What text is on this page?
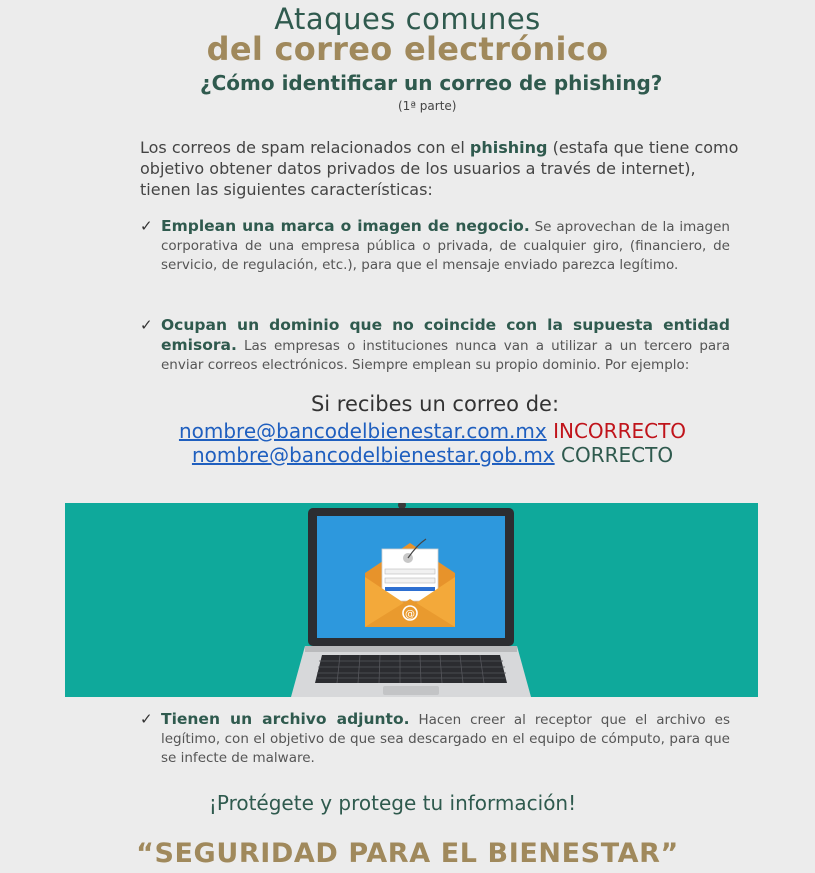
Ataques comunes
del correo electrónico
¿Cómo identificar un correo de phishing?
(1ª parte)
Los correos de spam relacionados con el phishing (estafa que tiene como objetivo obtener datos privados de los usuarios a través de internet), tienen las siguientes características:
✓ Emplean una marca o imagen de negocio. Se aprovechan de la imagen corporativa de una empresa pública o privada, de cualquier giro, (financiero, de servicio, de regulación, etc.), para que el mensaje enviado parezca legítimo.
✓ Ocupan un dominio que no coincide con la supuesta entidad emisora. Las empresas o instituciones nunca van a utilizar a un tercero para enviar correos electrónicos. Siempre emplean su propio dominio. Por ejemplo:
Si recibes un correo de:
nombre@bancodelbienestar.com.mx INCORRECTO
nombre@bancodelbienestar.gob.mx CORRECTO
@
✓ Tienen un archivo adjunto. Hacen creer al receptor que el archivo es legítimo, con el objetivo de que sea descargado en el equipo de cómputo, para que se infecte de malware.
¡Protégete y protege tu información!
“SEGURIDAD PARA EL BIENESTAR”
